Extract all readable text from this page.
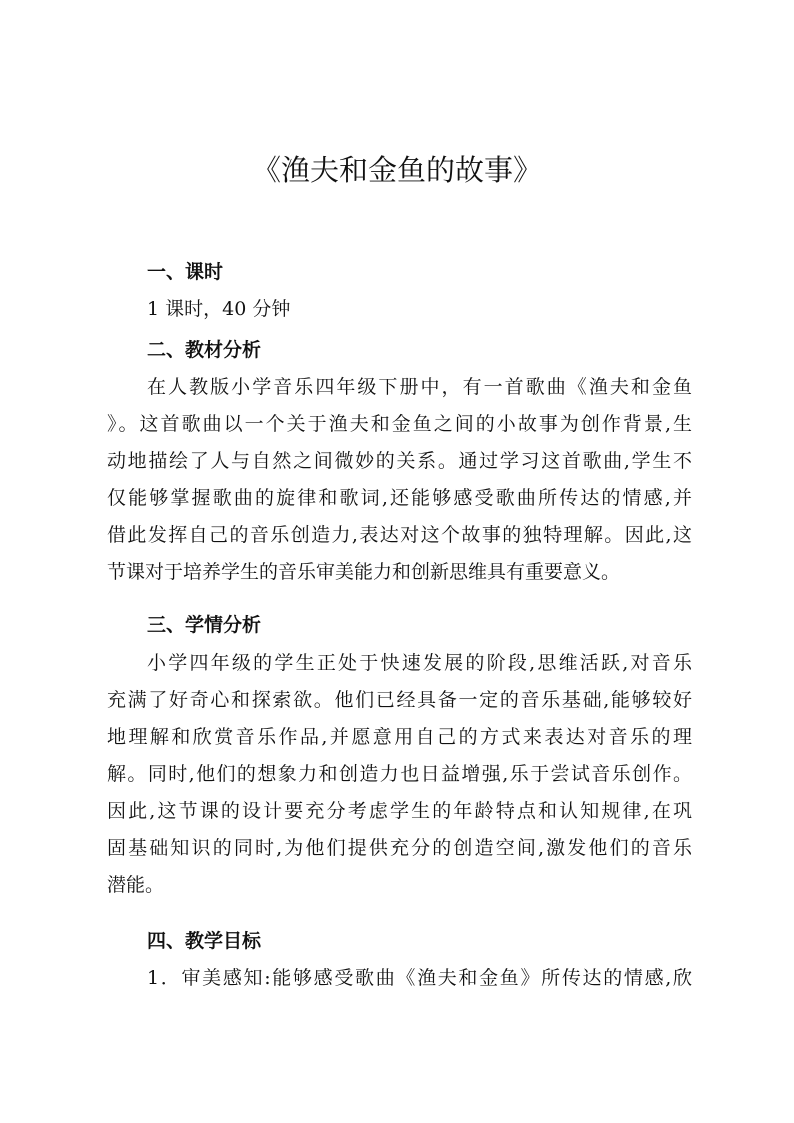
《渔夫和金鱼的故事》
一、课时

1 课时，40 分钟

二、教材分析
在人教版小学音乐四年级下册中，有一首歌曲《渔夫和金鱼
》。这首歌曲以一个关于渔夫和金鱼之间的小故事为创作背景,生
动地描绘了人与自然之间微妙的关系。通过学习这首歌曲,学生不
仅能够掌握歌曲的旋律和歌词,还能够感受歌曲所传达的情感,并
借此发挥自己的音乐创造力,表达对这个故事的独特理解。因此,这
节课对于培养学生的音乐审美能力和创新思维具有重要意义。
三、学情分析
小学四年级的学生正处于快速发展的阶段,思维活跃,对音乐
充满了好奇心和探索欲。他们已经具备一定的音乐基础,能够较好
地理解和欣赏音乐作品,并愿意用自己的方式来表达对音乐的理
解。同时,他们的想象力和创造力也日益增强,乐于尝试音乐创作。
因此,这节课的设计要充分考虑学生的年龄特点和认知规律,在巩
固基础知识的同时,为他们提供充分的创造空间,激发他们的音乐
潜能。
四、教学目标
1．审美感知:能够感受歌曲《渔夫和金鱼》所传达的情感,欣
